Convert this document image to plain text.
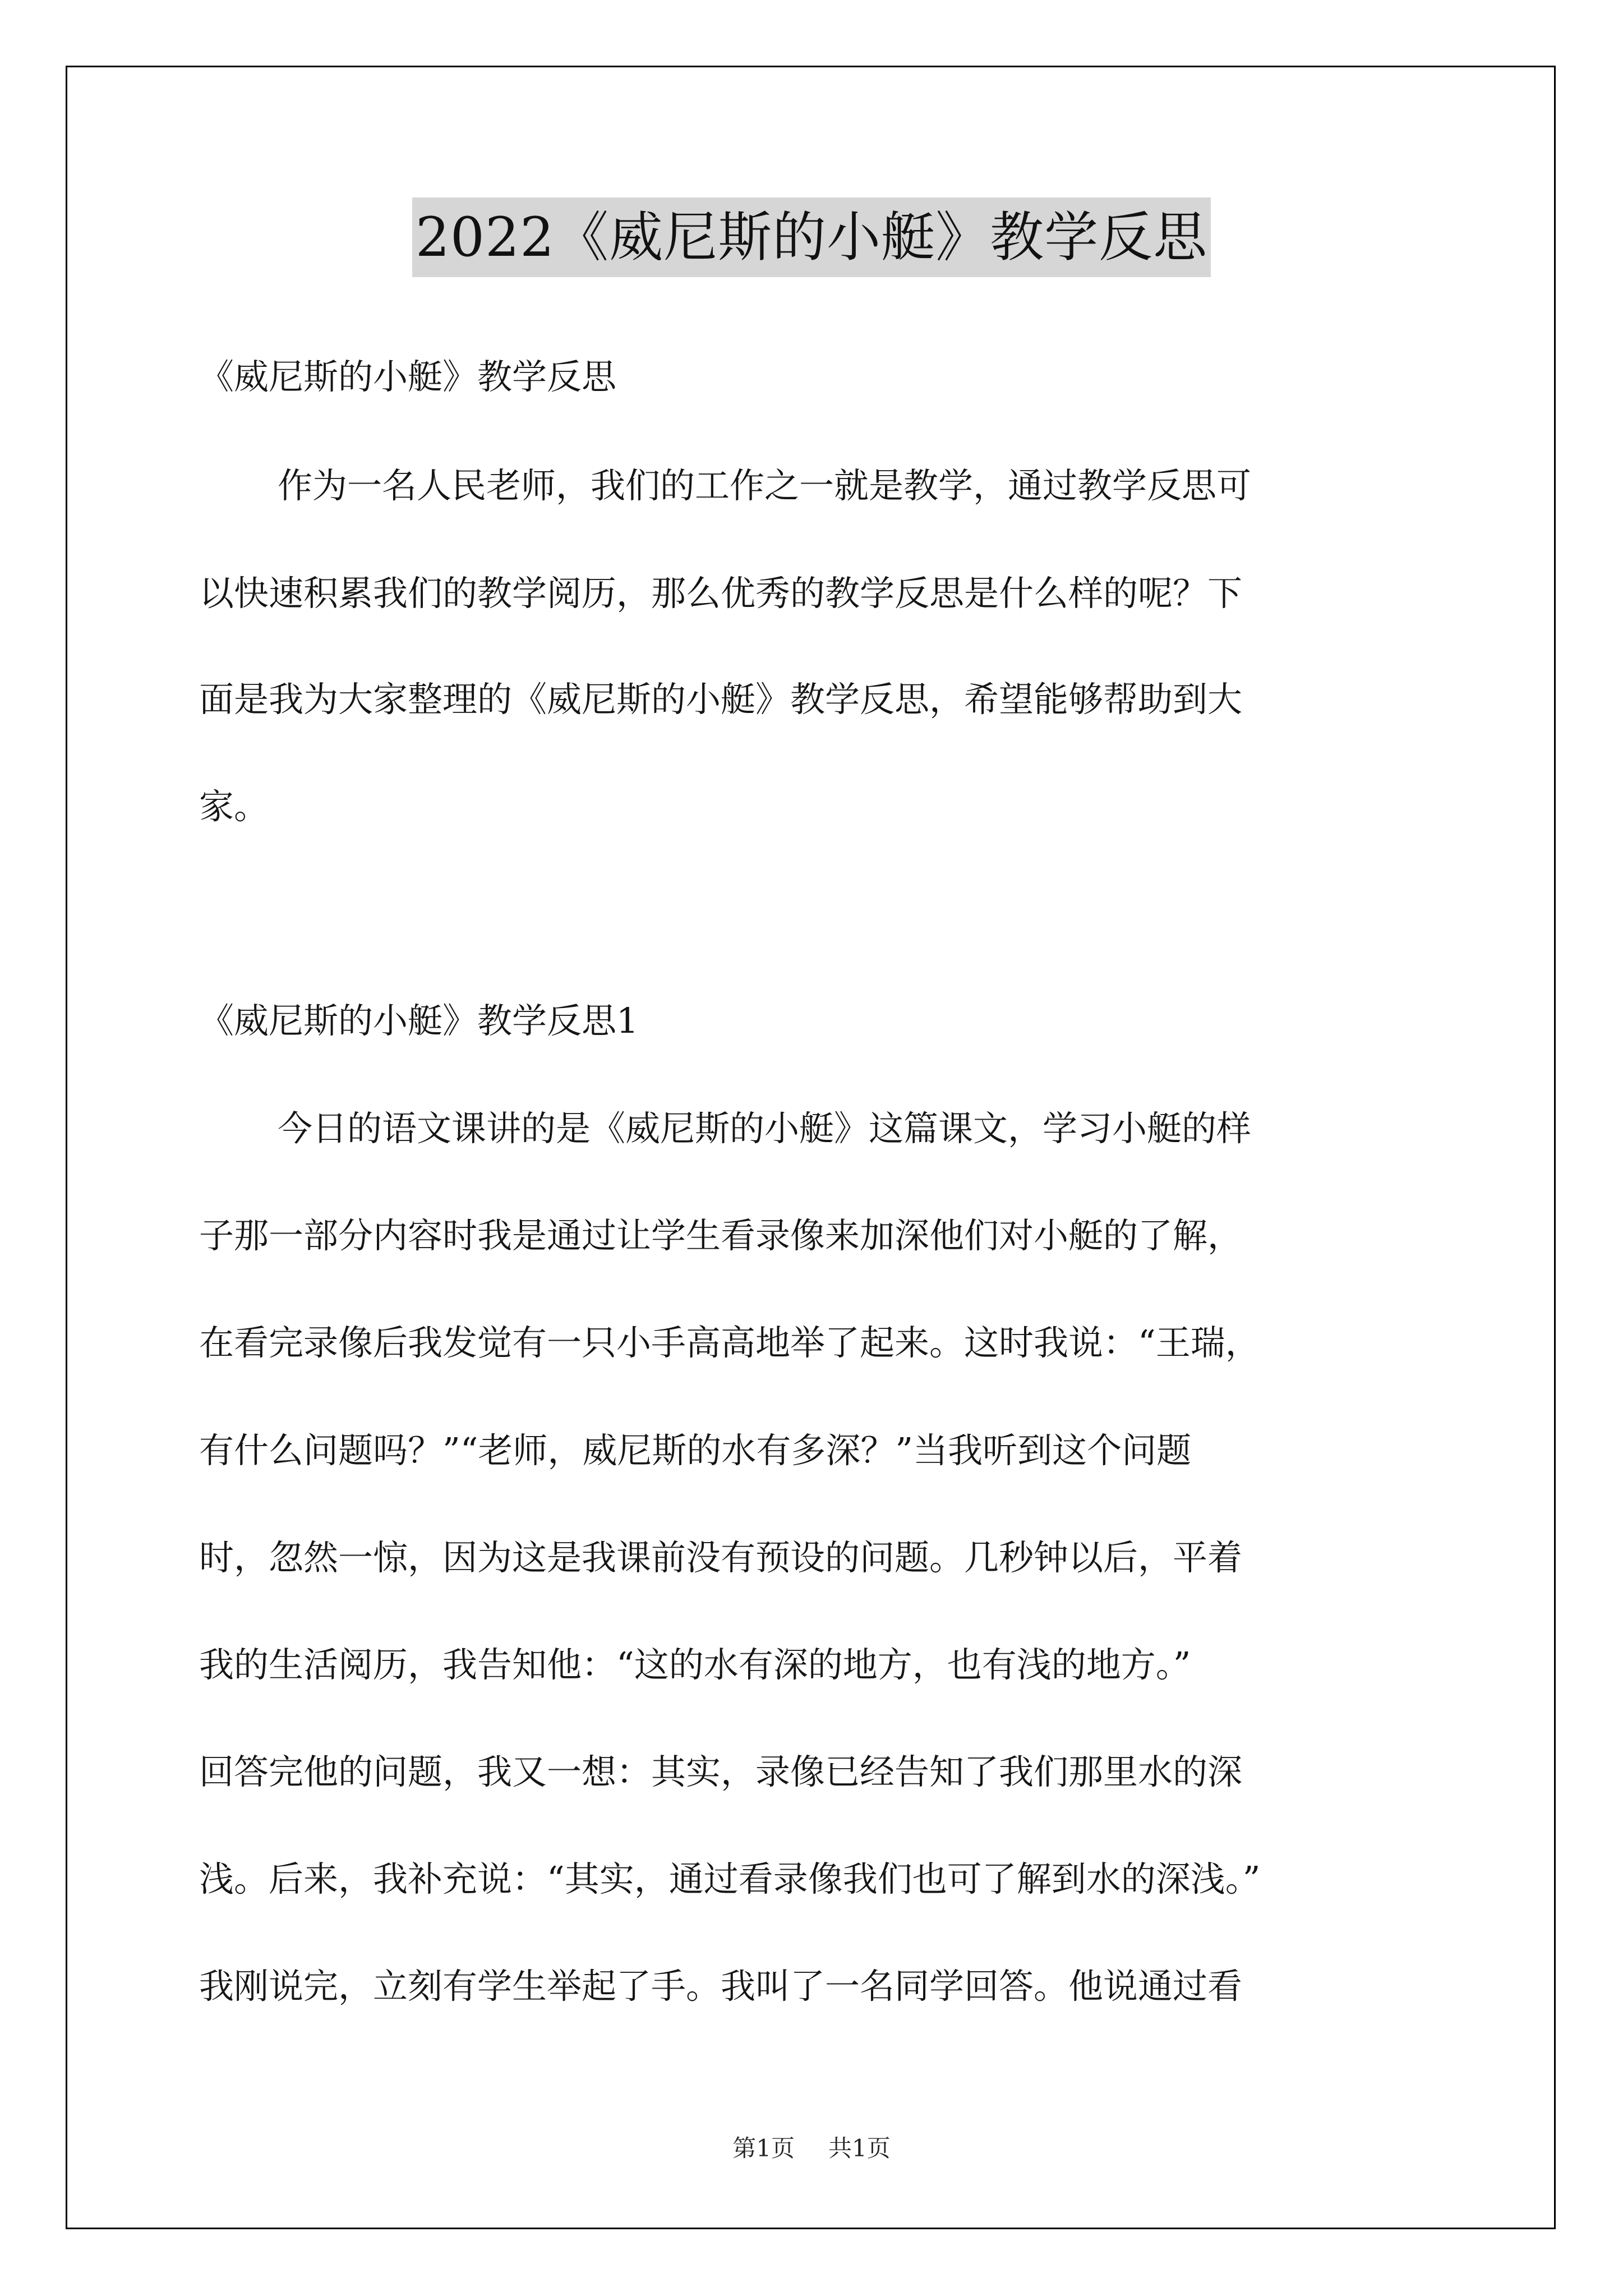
2022《威尼斯的小艇》教学反思
《威尼斯的小艇》教学反思
作为一名人民老师，我们的工作之一就是教学，通过教学反思可
以快速积累我们的教学阅历，那么优秀的教学反思是什么样的呢？下
面是我为大家整理的《威尼斯的小艇》教学反思，希望能够帮助到大
家。
《威尼斯的小艇》教学反思1
今日的语文课讲的是《威尼斯的小艇》这篇课文，学习小艇的样
子那一部分内容时我是通过让学生看录像来加深他们对小艇的了解，
在看完录像后我发觉有一只小手高高地举了起来。这时我说：“王瑞，
有什么问题吗？”“老师，威尼斯的水有多深？”当我听到这个问题
时，忽然一惊，因为这是我课前没有预设的问题。几秒钟以后，平着
我的生活阅历，我告知他：“这的水有深的地方，也有浅的地方。”
回答完他的问题，我又一想：其实，录像已经告知了我们那里水的深
浅。后来，我补充说：“其实，通过看录像我们也可了解到水的深浅。”
我刚说完，立刻有学生举起了手。我叫了一名同学回答。他说通过看
第1页 共1页
